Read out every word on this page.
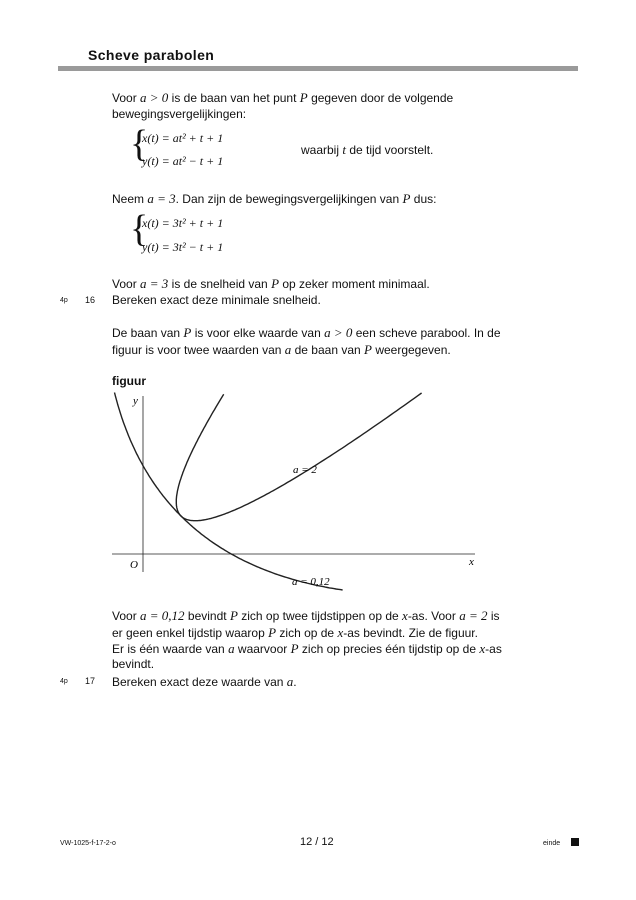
Scheve parabolen
Voor a > 0 is de baan van het punt P gegeven door de volgende
bewegingsvergelijkingen:
{
x(t) = at² + t + 1
y(t) = at² − t + 1
waarbij t de tijd voorstelt.
Neem a = 3. Dan zijn de bewegingsvergelijkingen van P dus:
{
x(t) = 3t² + t + 1
y(t) = 3t² − t + 1
Voor a = 3 is de snelheid van P op zeker moment minimaal.
4p 16 Bereken exact deze minimale snelheid.
De baan van P is voor elke waarde van a > 0 een scheve parabool. In de
figuur is voor twee waarden van a de baan van P weergegeven.
figuur
x
y
O
a = 2
a = 0,12
Voor a = 0,12 bevindt P zich op twee tijdstippen op de x-as. Voor a = 2 is
er geen enkel tijdstip waarop P zich op de x-as bevindt. Zie de figuur.
Er is één waarde van a waarvoor P zich op precies één tijdstip op de x-as
bevindt.
4p 17 Bereken exact deze waarde van a.
VW-1025-f-17-2-o	12 / 12	einde
